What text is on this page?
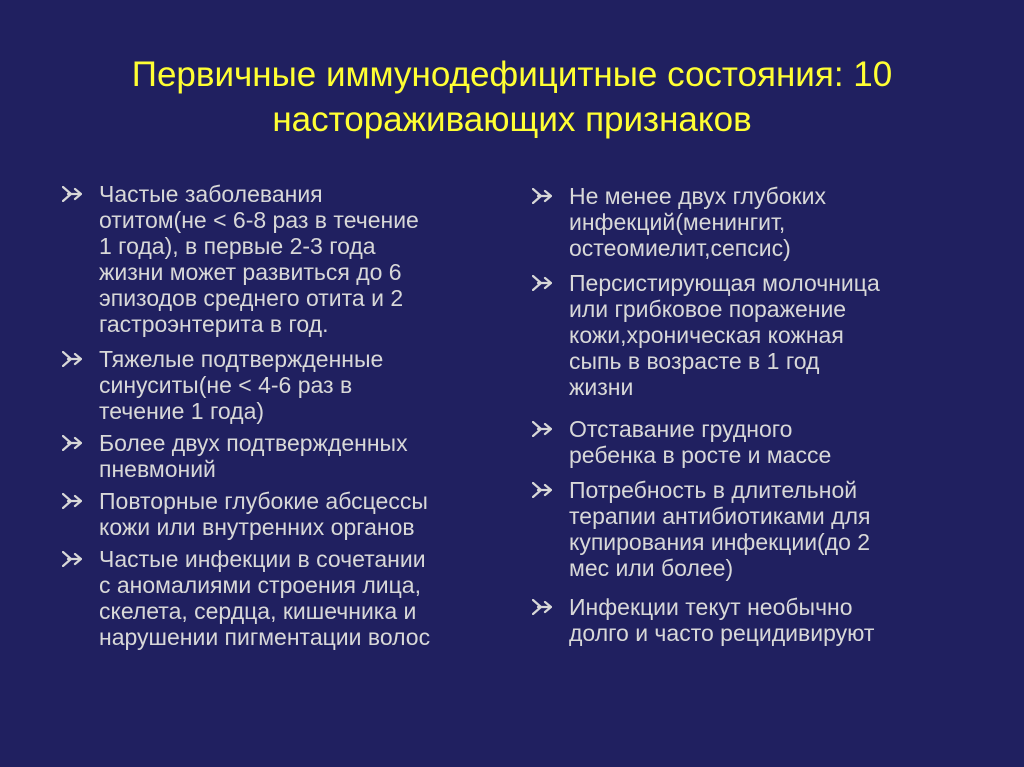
Первичные иммунодефицитные состояния: 10
настораживающих признаков
Частые заболевания
отитом(не < 6-8 раз в течение
1 года), в первые 2-3 года
жизни может развиться до 6
эпизодов среднего отита и 2
гастроэнтерита в год.
Тяжелые подтвержденные
синуситы(не < 4-6 раз в
течение 1 года)
Более двух подтвержденных
пневмоний
Повторные глубокие абсцессы
кожи или внутренних органов
Частые инфекции в сочетании
с аномалиями строения лица,
скелета, сердца, кишечника и
нарушении пигментации волос
Не менее двух глубоких
инфекций(менингит,
остеомиелит,сепсис)
Персистирующая молочница
или грибковое поражение
кожи,хроническая кожная
сыпь в возрасте в 1 год
жизни
Отставание грудного
ребенка в росте и массе
Потребность в длительной
терапии антибиотиками для
купирования инфекции(до 2
мес или более)
Инфекции текут необычно
долго и часто рецидивируют
